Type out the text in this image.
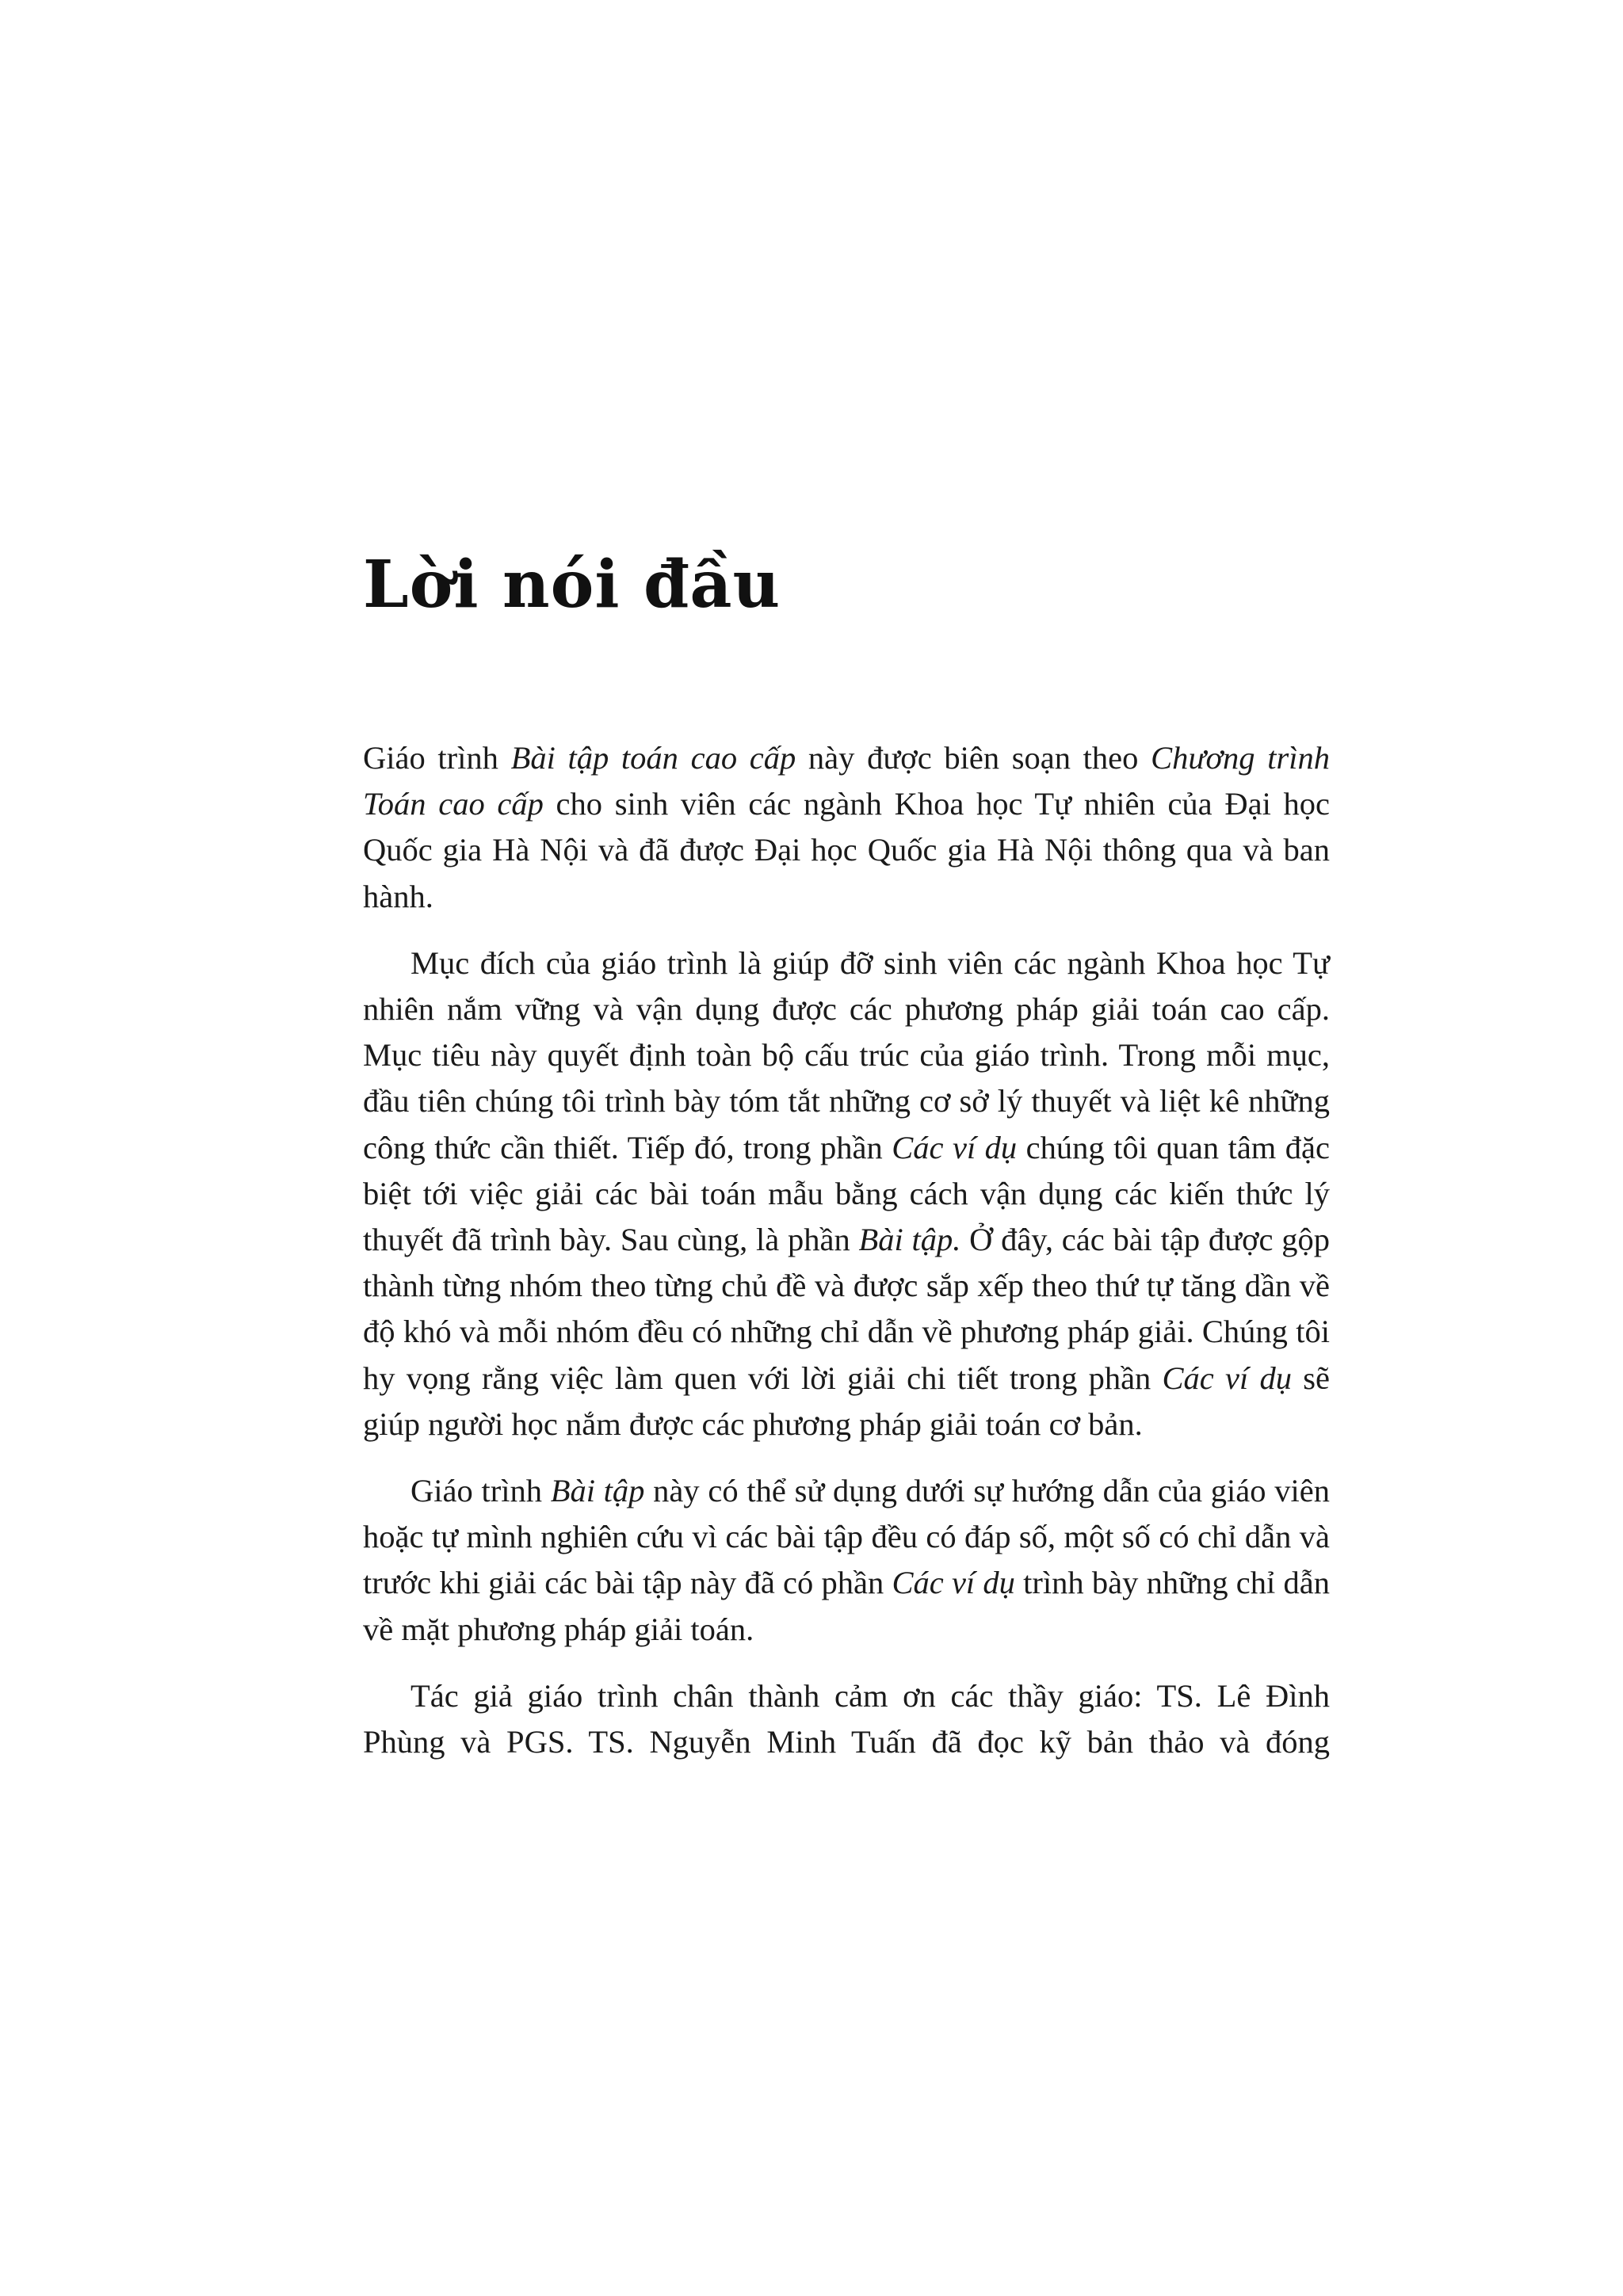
Lời nói đầu

Giáo trình Bài tập toán cao cấp này được biên soạn theo Chương trình Toán cao cấp cho sinh viên các ngành Khoa học Tự nhiên của Đại học Quốc gia Hà Nội và đã được Đại học Quốc gia Hà Nội thông qua và ban hành.

Mục đích của giáo trình là giúp đỡ sinh viên các ngành Khoa học Tự nhiên nắm vững và vận dụng được các phương pháp giải toán cao cấp. Mục tiêu này quyết định toàn bộ cấu trúc của giáo trình. Trong mỗi mục, đầu tiên chúng tôi trình bày tóm tắt những cơ sở lý thuyết và liệt kê những công thức cần thiết. Tiếp đó, trong phần Các ví dụ chúng tôi quan tâm đặc biệt tới việc giải các bài toán mẫu bằng cách vận dụng các kiến thức lý thuyết đã trình bày. Sau cùng, là phần Bài tập. Ở đây, các bài tập được gộp thành từng nhóm theo từng chủ đề và được sắp xếp theo thứ tự tăng dần về độ khó và mỗi nhóm đều có những chỉ dẫn về phương pháp giải. Chúng tôi hy vọng rằng việc làm quen với lời giải chi tiết trong phần Các ví dụ sẽ giúp người học nắm được các phương pháp giải toán cơ bản.

Giáo trình Bài tập này có thể sử dụng dưới sự hướng dẫn của giáo viên hoặc tự mình nghiên cứu vì các bài tập đều có đáp số, một số có chỉ dẫn và trước khi giải các bài tập này đã có phần Các ví dụ trình bày những chỉ dẫn về mặt phương pháp giải toán.

Tác giả giáo trình chân thành cảm ơn các thầy giáo: TS. Lê Đình Phùng và PGS. TS. Nguyễn Minh Tuấn đã đọc kỹ bản thảo và đóng
